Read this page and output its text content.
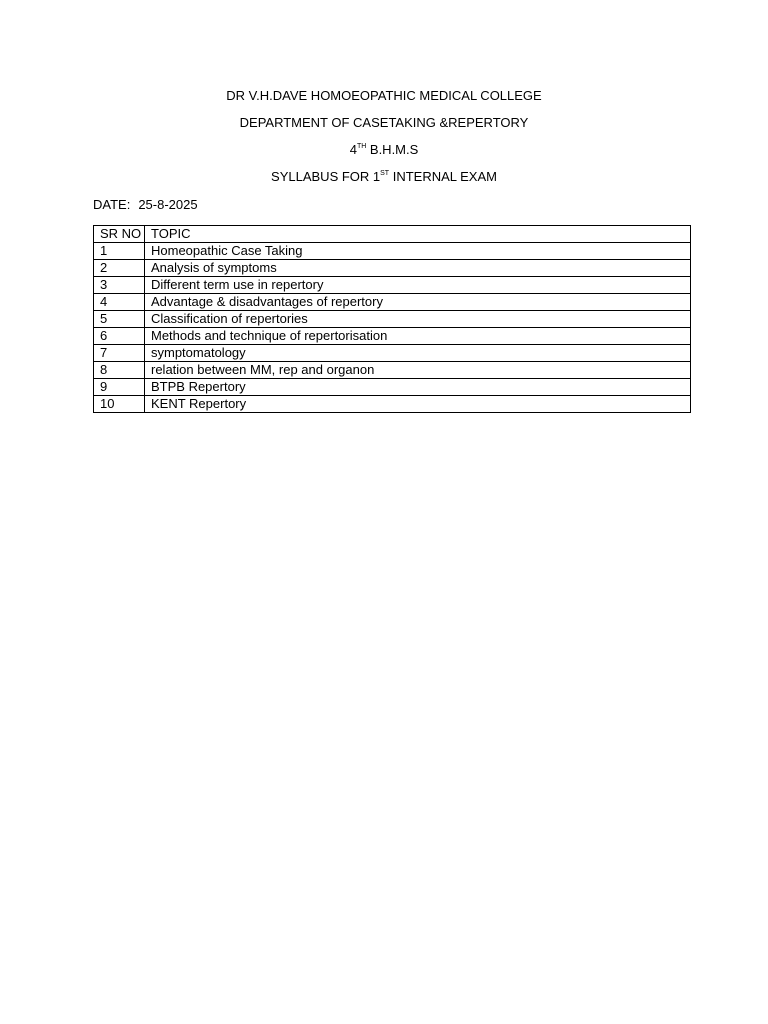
DR V.H.DAVE HOMOEOPATHIC MEDICAL COLLEGE
DEPARTMENT OF CASETAKING &REPERTORY
4TH B.H.M.S
SYLLABUS FOR 1ST INTERNAL EXAM
DATE: 25-8-2025
SR NO	TOPIC
1	Homeopathic Case Taking
2	Analysis of symptoms
3	Different term use in repertory
4	Advantage & disadvantages of repertory
5	Classification of repertories
6	Methods and technique of repertorisation
7	symptomatology
8	relation between MM, rep and organon
9	BTPB Repertory
10	KENT Repertory
